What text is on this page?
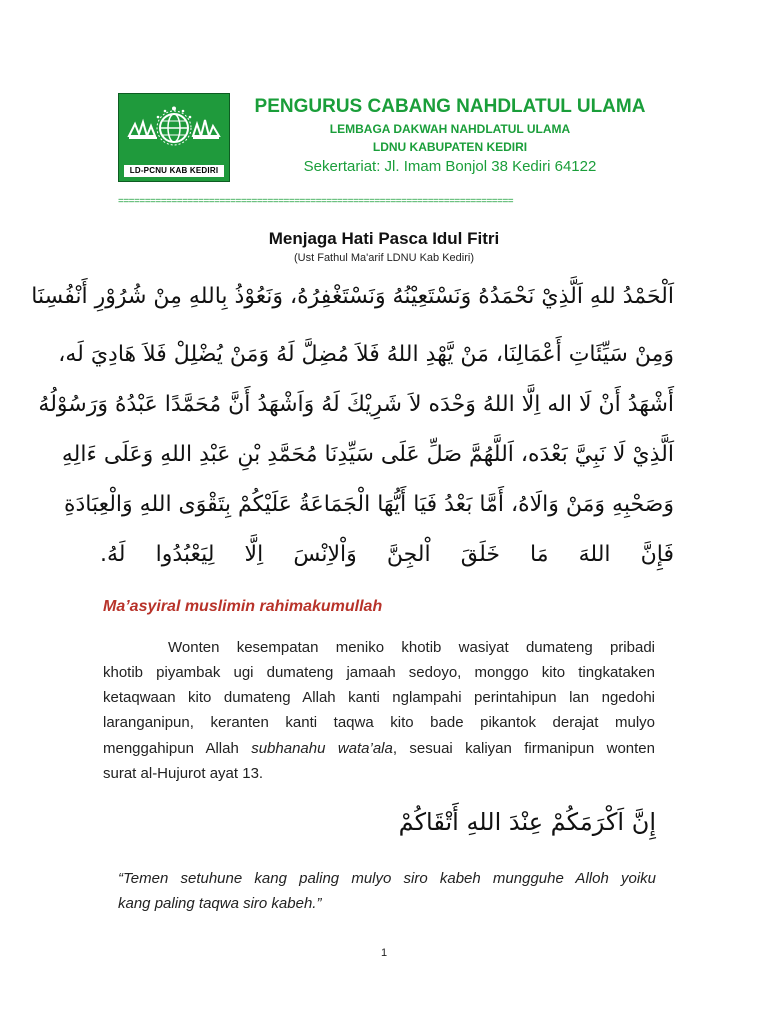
LD-PCNU KAB KEDIRI
PENGURUS CABANG NAHDLATUL ULAMA
LEMBAGA DAKWAH NAHDLATUL ULAMA
LDNU KABUPATEN KEDIRI
Sekertariat: Jl. Imam Bonjol 38 Kediri 64122
==========================================================================
Menjaga Hati Pasca Idul Fitri
(Ust Fathul Ma'arif LDNU Kab Kediri)
اَلْحَمْدُ للهِ اَلَّذِيْ نَحْمَدُهُ وَنَسْتَعِيْنُهُ وَنَسْتَغْفِرُهُ، وَنَعُوْذُ بِاللهِ مِنْ شُرُوْرِ أَنْفُسِنَا
وَمِنْ سَيِّئَاتِ أَعْمَالِنَا، مَنْ يَّهْدِ اللهُ فَلاَ مُضِلَّ لَهُ وَمَنْ يُضْلِلْ فَلاَ هَادِيَ لَه،
أَشْهَدُ أَنْ لَا اله اِلَّا اللهُ وَحْدَه لاَ شَرِيْكَ لَهُ وَاَشْهَدُ أَنَّ مُحَمَّدًا عَبْدُهُ وَرَسُوْلُهُ
اَلَّذِيْ لَا نَبِيَّ بَعْدَه، اَللَّهُمَّ صَلِّ عَلَى سَيِّدِنَا مُحَمَّدِ بْنِ عَبْدِ اللهِ وَعَلَى ءَالِهِ
وَصَحْبِهِ وَمَنْ وَالَاهُ، أَمَّا بَعْدُ فَيَا أَيُّهَا الْجَمَاعَةُ عَلَيْكُمْ بِتَقْوَى اللهِ وَالْعِبَادَةِ
فَإِنَّ اللهَ مَا خَلَقَ اْلجِنَّ وَاْلاِنْسَ اِلَّا لِيَعْبُدُوا لَهُ.
Ma’asyiral muslimin rahimakumullah
Wonten kesempatan meniko khotib wasiyat dumateng pribadi
khotib piyambak ugi dumateng jamaah sedoyo, monggo kito tingkataken
ketaqwaan kito dumateng Allah kanti nglampahi perintahipun lan ngedohi
laranganipun, keranten kanti taqwa kito bade pikantok derajat mulyo
menggahipun Allah subhanahu wata’ala, sesuai kaliyan firmanipun wonten
surat al-Hujurot ayat 13.
إِنَّ اَكْرَمَكُمْ عِنْدَ اللهِ أَتْقَاكُمْ
“Temen setuhune kang paling mulyo siro kabeh mungguhe Alloh yoiku
kang paling taqwa siro kabeh.”
1
